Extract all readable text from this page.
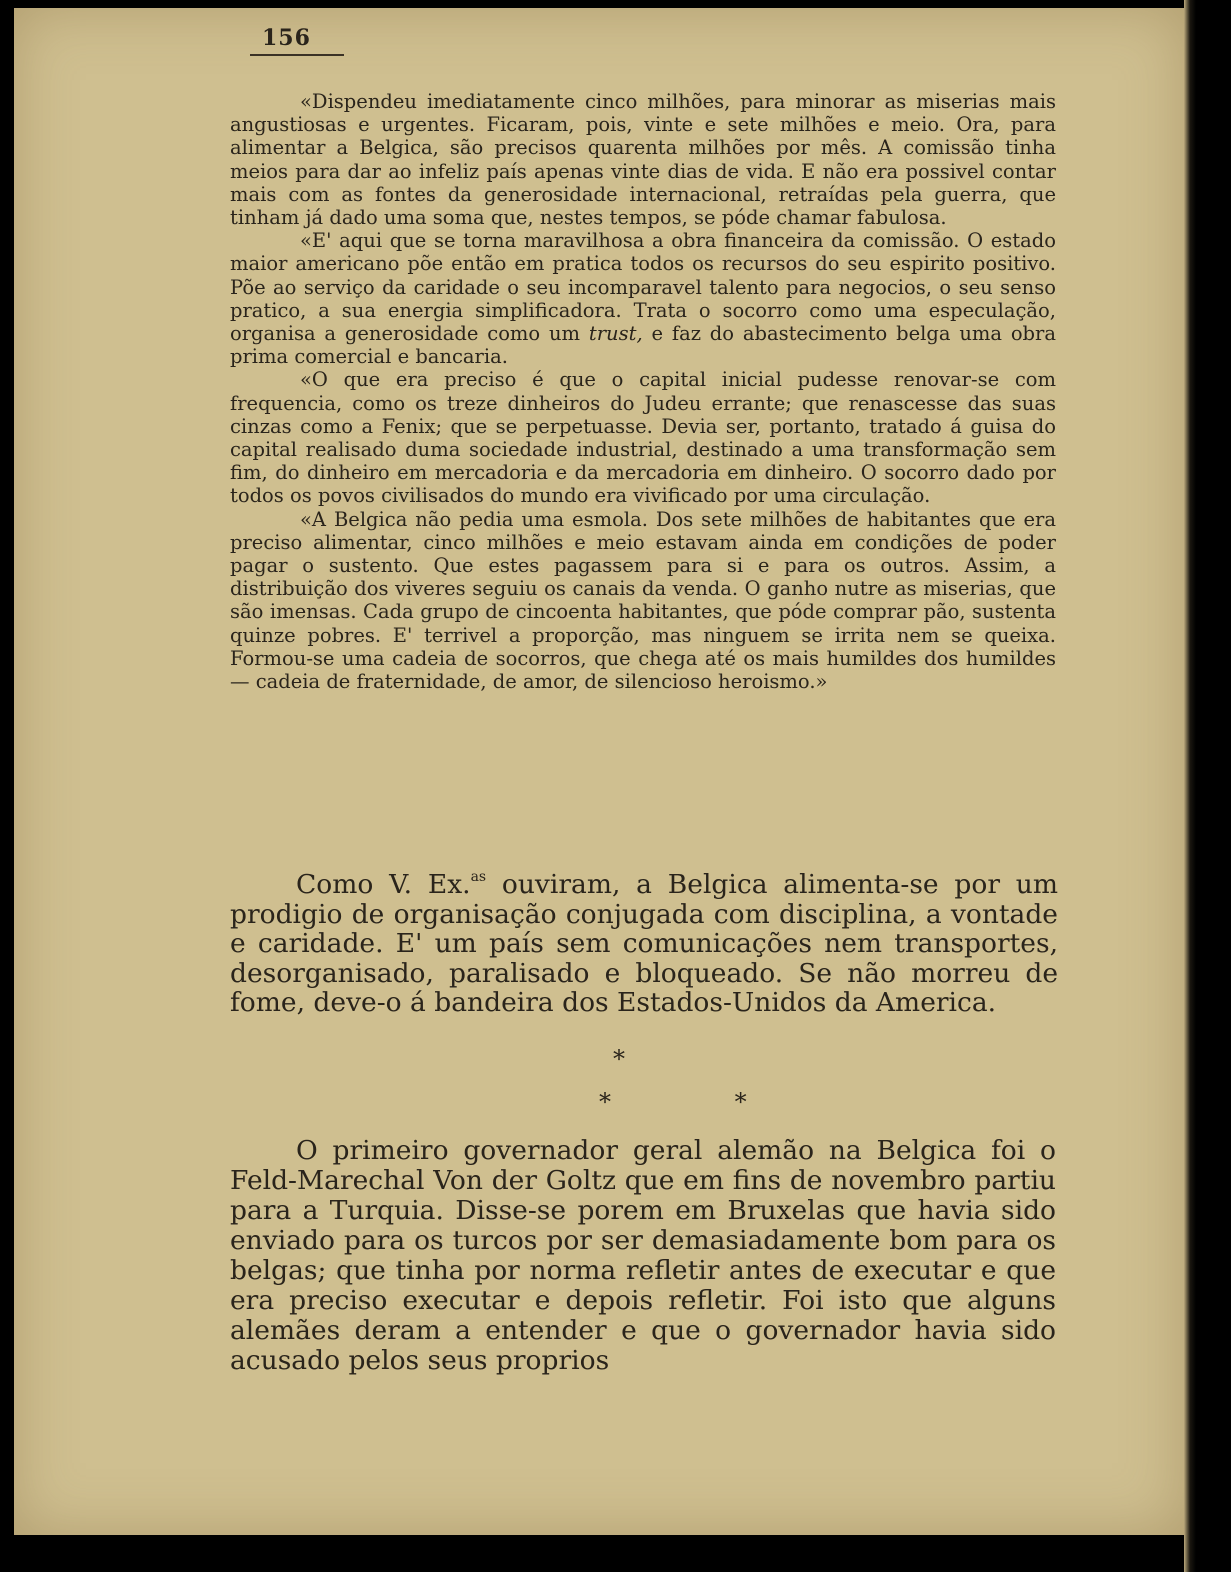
156

«Dispendeu imediatamente cinco milhões, para minorar as miserias mais angustiosas e urgentes. Ficaram, pois, vinte e sete milhões e meio. Ora, para alimentar a Belgica, são precisos quarenta milhões por mês. A comissão tinha meios para dar ao infeliz país apenas vinte dias de vida. E não era possivel contar mais com as fontes da generosidade internacional, retraídas pela guerra, que tinham já dado uma soma que, nestes tempos, se póde chamar fabulosa.

«E' aqui que se torna maravilhosa a obra financeira da comissão. O estado maior americano põe então em pratica todos os recursos do seu espirito positivo. Põe ao serviço da caridade o seu incomparavel talento para negocios, o seu senso pratico, a sua energia simplificadora. Trata o socorro como uma especulação, organisa a generosidade como um trust, e faz do abastecimento belga uma obra prima comercial e bancaria.

«O que era preciso é que o capital inicial pudesse renovar-se com frequencia, como os treze dinheiros do Judeu errante; que renascesse das suas cinzas como a Fenix; que se perpetuasse. Devia ser, portanto, tratado á guisa do capital realisado duma sociedade industrial, destinado a uma transformação sem fim, do dinheiro em mercadoria e da mercadoria em dinheiro. O socorro dado por todos os povos civilisados do mundo era vivificado por uma circulação.

«A Belgica não pedia uma esmola. Dos sete milhões de habitantes que era preciso alimentar, cinco milhões e meio estavam ainda em condições de poder pagar o sustento. Que estes pagassem para si e para os outros. Assim, a distribuição dos viveres seguiu os canais da venda. O ganho nutre as miserias, que são imensas. Cada grupo de cincoenta habitantes, que póde comprar pão, sustenta quinze pobres. E' terrivel a proporção, mas ninguem se irrita nem se queixa. Formou-se uma cadeia de socorros, que chega até os mais humildes dos humildes — cadeia de fraternidade, de amor, de silencioso heroismo.»

Como V. Ex.$^{as}$ ouviram, a Belgica alimenta-se por um prodigio de organisação conjugada com disciplina, a vontade e caridade. E' um país sem comunicações nem transportes, desorganisado, paralisado e bloqueado. Se não morreu de fome, deve-o á bandeira dos Estados-Unidos da America.

*
* *

O primeiro governador geral alemão na Belgica foi o Feld-Marechal Von der Goltz que em fins de novembro partiu para a Turquia. Disse-se porem em Bruxelas que havia sido enviado para os turcos por ser demasiadamente bom para os belgas; que tinha por norma refletir antes de executar e que era preciso executar e depois refletir. Foi isto que alguns alemães deram a entender e que o governador havia sido acusado pelos seus proprios
